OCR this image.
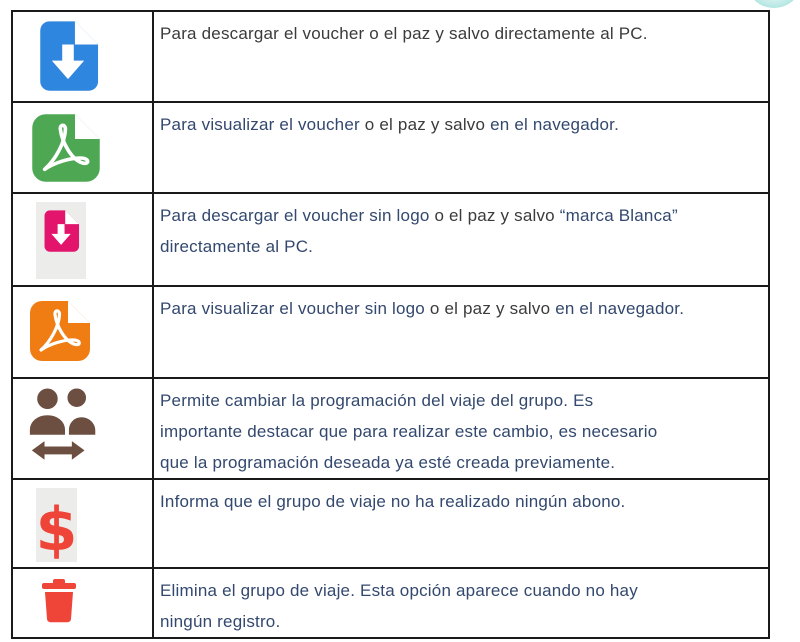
Para descargar el voucher o el paz y salvo directamente al PC.

Para visualizar el voucher o el paz y salvo en el navegador.

Para descargar el voucher sin logo o el paz y salvo “marca Blanca”
directamente al PC.

Para visualizar el voucher sin logo o el paz y salvo en el navegador.

Permite cambiar la programación del viaje del grupo. Es
importante destacar que para realizar este cambio, es necesario
que la programación deseada ya esté creada previamente.

$	Informa que el grupo de viaje no ha realizado ningún abono.

Elimina el grupo de viaje. Esta opción aparece cuando no hay
ningún registro.
